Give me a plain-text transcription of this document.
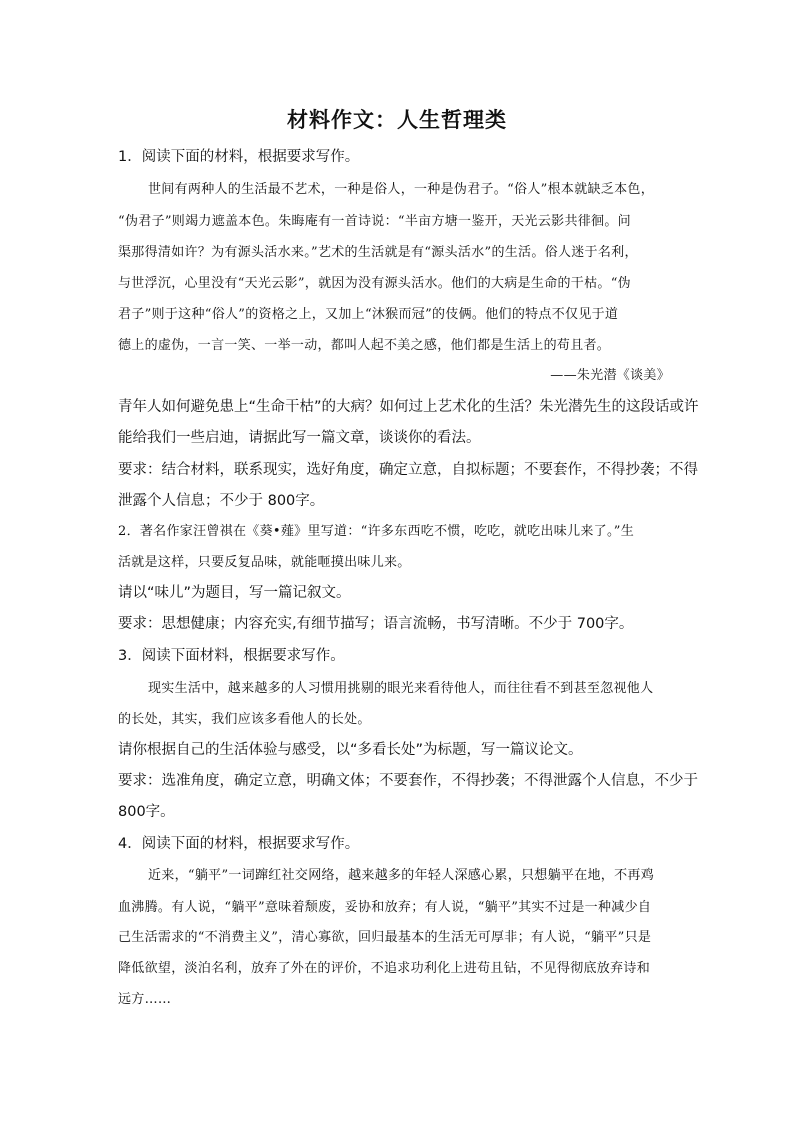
材料作文：人生哲理类
1．阅读下面的材料，根据要求写作。
世间有两种人的生活最不艺术，一种是俗人，一种是伪君子。“俗人”根本就缺乏本色，
“伪君子”则竭力遮盖本色。朱晦庵有一首诗说：“半亩方塘一鉴开，天光云影共徘徊。问
渠那得清如许？为有源头活水来。”艺术的生活就是有“源头活水”的生活。俗人迷于名利，
与世浮沉，心里没有“天光云影”，就因为没有源头活水。他们的大病是生命的干枯。“伪
君子”则于这种“俗人”的资格之上，又加上“沐猴而冠”的伎俩。他们的特点不仅见于道
德上的虚伪，一言一笑、一举一动，都叫人起不美之感，他们都是生活上的苟且者。
——朱光潜《谈美》
青年人如何避免患上“生命干枯”的大病？如何过上艺术化的生活？朱光潜先生的这段话或许
能给我们一些启迪，请据此写一篇文章，谈谈你的看法。
要求：结合材料，联系现实，选好角度，确定立意，自拟标题；不要套作，不得抄袭；不得
泄露个人信息；不少于 800字。
2．著名作家汪曾祺在《葵•薤》里写道：“许多东西吃不惯，吃吃，就吃出味儿来了。”生
活就是这样，只要反复品味，就能咂摸出味儿来。
请以“味儿”为题目，写一篇记叙文。
要求：思想健康；内容充实,有细节描写；语言流畅，书写清晰。不少于 700字。
3．阅读下面材料，根据要求写作。
现实生活中，越来越多的人习惯用挑剔的眼光来看待他人，而往往看不到甚至忽视他人
的长处，其实，我们应该多看他人的长处。
请你根据自己的生活体验与感受，以“多看长处”为标题，写一篇议论文。
要求：选准角度，确定立意，明确文体；不要套作，不得抄袭；不得泄露个人信息，不少于
800字。
4．阅读下面的材料，根据要求写作。
近来，“躺平”一词蹿红社交网络，越来越多的年轻人深感心累，只想躺平在地，不再鸡
血沸腾。有人说，“躺平”意味着颓废，妥协和放弃；有人说，“躺平”其实不过是一种减少自
己生活需求的“不消费主义”，清心寡欲，回归最基本的生活无可厚非；有人说，“躺平”只是
降低欲望，淡泊名利，放弃了外在的评价，不追求功利化上进苟且钻，不见得彻底放弃诗和
远方……
